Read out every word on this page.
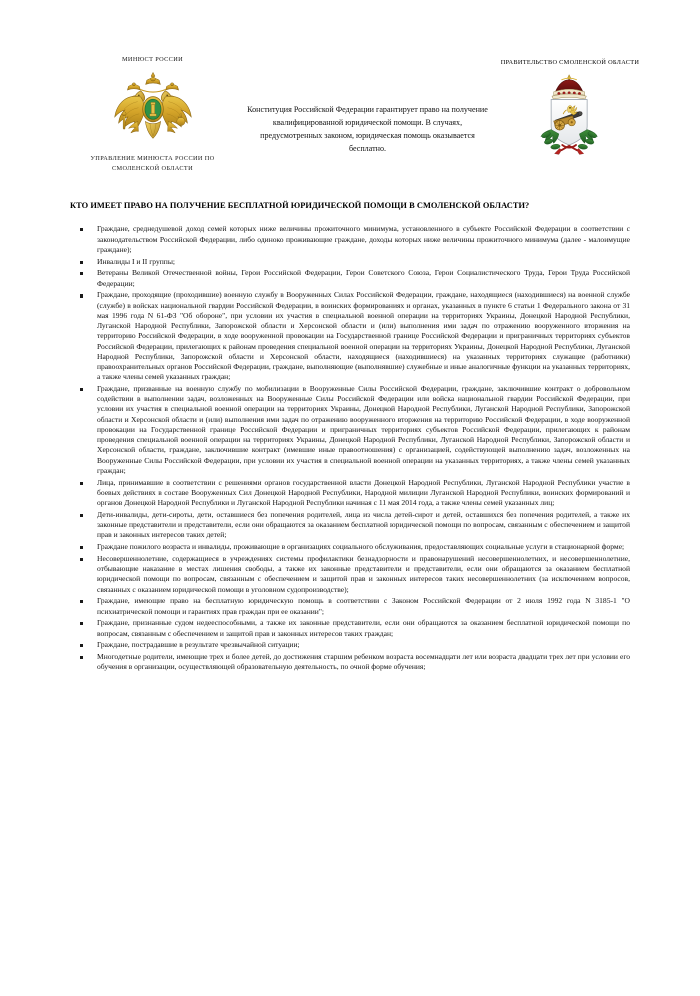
МИНЮСТ РОССИИ
УПРАВЛЕНИЕ МИНЮСТА РОССИИ ПО СМОЛЕНСКОЙ ОБЛАСТИ
Конституция Российской Федерации гарантирует право на получение квалифицированной юридической помощи. В случаях, предусмотренных законом, юридическая помощь оказывается бесплатно.
ПРАВИТЕЛЬСТВО СМОЛЕНСКОЙ ОБЛАСТИ
КТО ИМЕЕТ ПРАВО НА ПОЛУЧЕНИЕ БЕСПЛАТНОЙ ЮРИДИЧЕСКОЙ ПОМОЩИ В СМОЛЕНСКОЙ ОБЛАСТИ?
Граждане, среднедушевой доход семей которых ниже величины прожиточного минимума, установленного в субъекте Российской Федерации в соответствии с законодательством Российской Федерации, либо одиноко проживающие граждане, доходы которых ниже величины прожиточного минимума (далее - малоимущие граждане);
Инвалиды I и II группы;
Ветераны Великой Отечественной войны, Герои Российской Федерации, Герои Советского Союза, Герои Социалистического Труда, Герои Труда Российской Федерации;
Граждане, проходящие (проходившие) военную службу в Вооруженных Силах Российской Федерации, граждане, находящиеся (находившиеся) на военной службе (службе) в войсках национальной гвардии Российской Федерации, в воинских формированиях и органах, указанных в пункте 6 статьи 1 Федерального закона от 31 мая 1996 года N 61-ФЗ "Об обороне", при условии их участия в специальной военной операции на территориях Украины, Донецкой Народной Республики, Луганской Народной Республики, Запорожской области и Херсонской области и (или) выполнения ими задач по отражению вооруженного вторжения на территорию Российской Федерации, в ходе вооруженной провокации на Государственной границе Российской Федерации и приграничных территориях субъектов Российской Федерации, прилегающих к районам проведения специальной военной операции на территориях Украины, Донецкой Народной Республики, Луганской Народной Республики, Запорожской области и Херсонской области, находящиеся (находившиеся) на указанных территориях служащие (работники) правоохранительных органов Российской Федерации, граждане, выполняющие (выполнявшие) служебные и иные аналогичные функции на указанных территориях, а также члены семей указанных граждан;
Граждане, призванные на военную службу по мобилизации в Вооруженные Силы Российской Федерации, граждане, заключившие контракт о добровольном содействии в выполнении задач, возложенных на Вооруженные Силы Российской Федерации или войска национальной гвардии Российской Федерации, при условии их участия в специальной военной операции на территориях Украины, Донецкой Народной Республики, Луганской Народной Республики, Запорожской области и Херсонской области и (или) выполнения ими задач по отражению вооруженного вторжения на территорию Российской Федерации, в ходе вооруженной провокации на Государственной границе Российской Федерации и приграничных территориях субъектов Российской Федерации, прилегающих к районам проведения специальной военной операции на территориях Украины, Донецкой Народной Республики, Луганской Народной Республики, Запорожской области и Херсонской области, граждане, заключившие контракт (имевшие иные правоотношения) с организацией, содействующей выполнению задач, возложенных на Вооруженные Силы Российской Федерации, при условии их участия в специальной военной операции на указанных территориях, а также члены семей указанных граждан;
Лица, принимавшие в соответствии с решениями органов государственной власти Донецкой Народной Республики, Луганской Народной Республики участие в боевых действиях в составе Вооруженных Сил Донецкой Народной Республики, Народной милиции Луганской Народной Республики, воинских формирований и органов Донецкой Народной Республики и Луганской Народной Республики начиная с 11 мая 2014 года, а также члены семей указанных лиц;
Дети-инвалиды, дети-сироты, дети, оставшиеся без попечения родителей, лица из числа детей-сирот и детей, оставшихся без попечения родителей, а также их законные представители и представители, если они обращаются за оказанием бесплатной юридической помощи по вопросам, связанным с обеспечением и защитой прав и законных интересов таких детей;
Граждане пожилого возраста и инвалиды, проживающие в организациях социального обслуживания, предоставляющих социальные услуги в стационарной форме;
Несовершеннолетние, содержащиеся в учреждениях системы профилактики безнадзорности и правонарушений несовершеннолетних, и несовершеннолетние, отбывающие наказание в местах лишения свободы, а также их законные представители и представители, если они обращаются за оказанием бесплатной юридической помощи по вопросам, связанным с обеспечением и защитой прав и законных интересов таких несовершеннолетних (за исключением вопросов, связанных с оказанием юридической помощи в уголовном судопроизводстве);
Граждане, имеющие право на бесплатную юридическую помощь в соответствии с Законом Российской Федерации от 2 июля 1992 года N 3185-1 "О психиатрической помощи и гарантиях прав граждан при ее оказании";
Граждане, признанные судом недееспособными, а также их законные представители, если они обращаются за оказанием бесплатной юридической помощи по вопросам, связанным с обеспечением и защитой прав и законных интересов таких граждан;
Граждане, пострадавшие в результате чрезвычайной ситуации;
Многодетные родители, имеющие трех и более детей, до достижения старшим ребенком возраста восемнадцати лет или возраста двадцати трех лет при условии его обучения в организации, осуществляющей образовательную деятельность, по очной форме обучения;
